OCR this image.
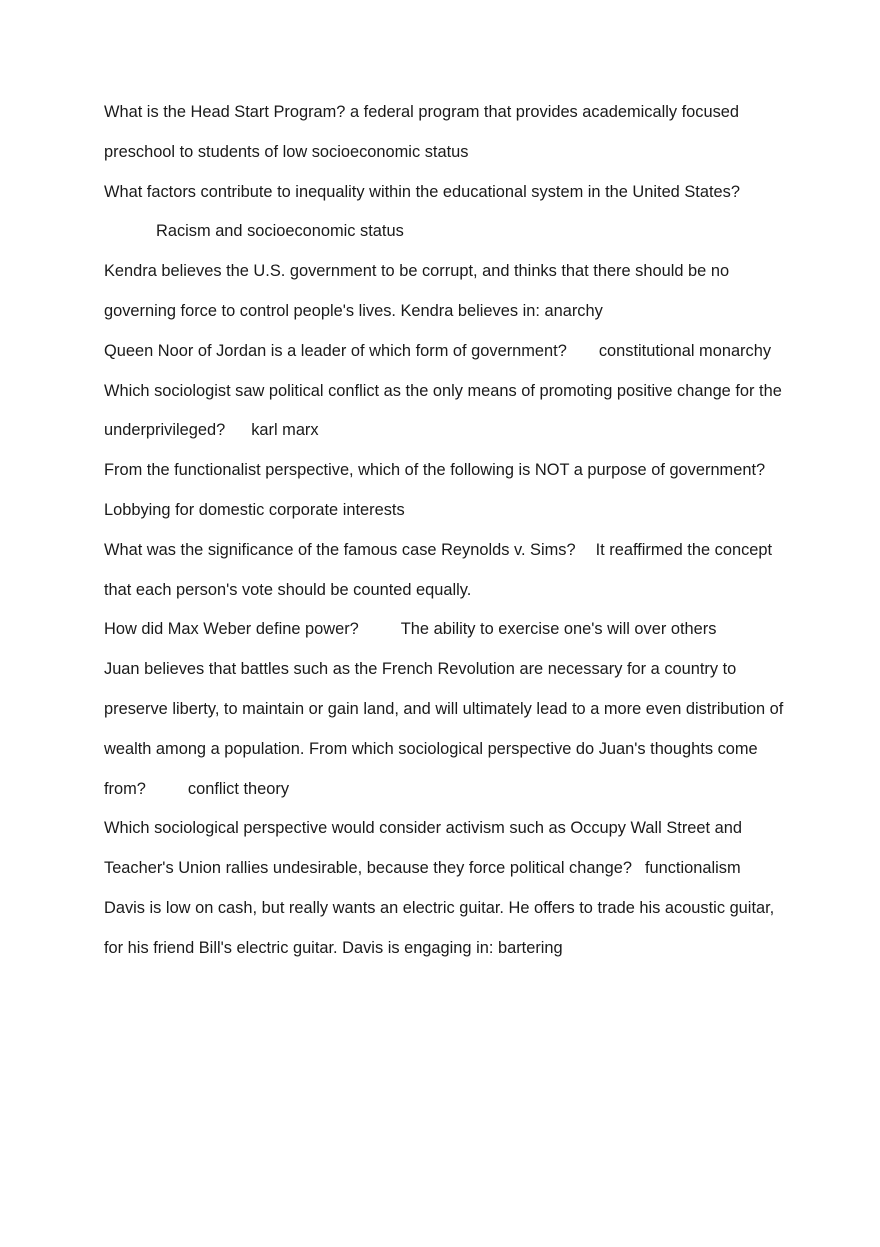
What is the Head Start Program? a federal program that provides academically focused preschool to students of low socioeconomic status

What factors contribute to inequality within the educational system in the United States?
Racism and socioeconomic status

Kendra believes the U.S. government to be corrupt, and thinks that there should be no governing force to control people's lives. Kendra believes in: anarchy

Queen Noor of Jordan is a leader of which form of government? constitutional monarchy

Which sociologist saw political conflict as the only means of promoting positive change for the underprivileged? karl marx

From the functionalist perspective, which of the following is NOT a purpose of government? Lobbying for domestic corporate interests

What was the significance of the famous case Reynolds v. Sims? It reaffirmed the concept that each person's vote should be counted equally.

How did Max Weber define power?	The ability to exercise one's will over others

Juan believes that battles such as the French Revolution are necessary for a country to preserve liberty, to maintain or gain land, and will ultimately lead to a more even distribution of wealth among a population. From which sociological perspective do Juan's thoughts come from?	conflict theory

Which sociological perspective would consider activism such as Occupy Wall Street and Teacher's Union rallies undesirable, because they force political change? functionalism

Davis is low on cash, but really wants an electric guitar. He offers to trade his acoustic guitar, for his friend Bill's electric guitar. Davis is engaging in: bartering
